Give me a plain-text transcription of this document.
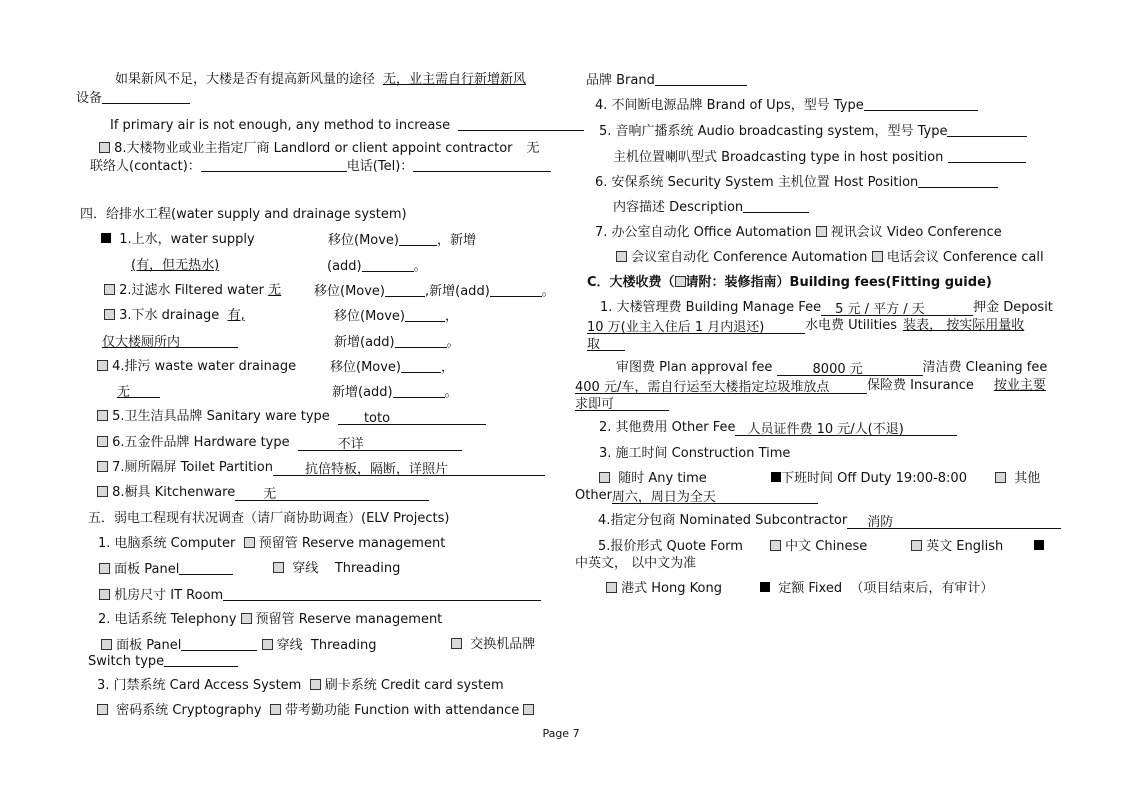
如果新风不足，大楼是否有提高新风量的途径 无，业主需自行新增新风
设备
If primary air is not enough, any method to increase
8.大楼物业或业主指定厂商 Landlord or client appoint contractor 无
联络人(contact)：	电话(Tel)：
四．给排水工程(water supply and drainage system)
1.上水，water supply	移位(Move)	，新增
(有，但无热水)	(add)	。
2.过滤水 Filtered water 无	移位(Move)	,新增(add)	。
3.下水 drainage 有,	移位(Move)	，
仅大楼厕所内	新增(add)	。
4.排污 waste water drainage	移位(Move)	，
无	新增(add)	。
5.卫生洁具品牌 Sanitary ware type	toto
6.五金件品牌 Hardware type	不详
7.厕所隔屏 Toilet Partition 抗倍特板，隔断，详照片
8.橱具 Kitchenware 无
五．弱电工程现有状况调查（请厂商协助调查）(ELV Projects)
1. 电脑系统 Computer 预留管 Reserve management
面板 Panel	穿线 Threading
机房尺寸 IT Room
2. 电话系统 Telephony 预留管 Reserve management
面板 Panel	穿线 Threading	交换机品牌
Switch type
3. 门禁系统 Card Access System 刷卡系统 Credit card system
密码系统 Cryptography 带考勤功能 Function with attendance
品牌 Brand
4. 不间断电源品牌 Brand of Ups，型号 Type
5. 音响广播系统 Audio broadcasting system，型号 Type
主机位置喇叭型式 Broadcasting type in host position
6. 安保系统 Security System 主机位置 Host Position
内容描述 Description
7. 办公室自动化 Office Automation 视讯会议 Video Conference
会议室自动化 Conference Automation 电话会议 Conference call
C．大楼收费（ 请附：装修指南）Building fees(Fitting guide)
1. 大楼管理费 Building Manage Fee 5 元 / 平方 / 天	押金 Deposit
10 万(业主入住后 1 月内退还)	水电费 Utilities 装表， 按实际用量收
取
审图费 Plan approval fee	8000 元	清洁费 Cleaning fee
400 元/车，需自行运至大楼指定垃圾堆放点	保险费 Insurance 按业主要
求即可
2. 其他费用 Other Fee 人员证件费 10 元/人(不退)
3. 施工时间 Construction Time
随时 Any time	下班时间 Off Duty 19:00-8:00	其他
Other周六，周日为全天
4.指定分包商 Nominated Subcontractor 消防
5.报价形式 Quote Form	中文 Chinese	英文 English
中英文， 以中文为准
港式 Hong Kong	定额 Fixed （项目结束后，有审计）
Page 7
